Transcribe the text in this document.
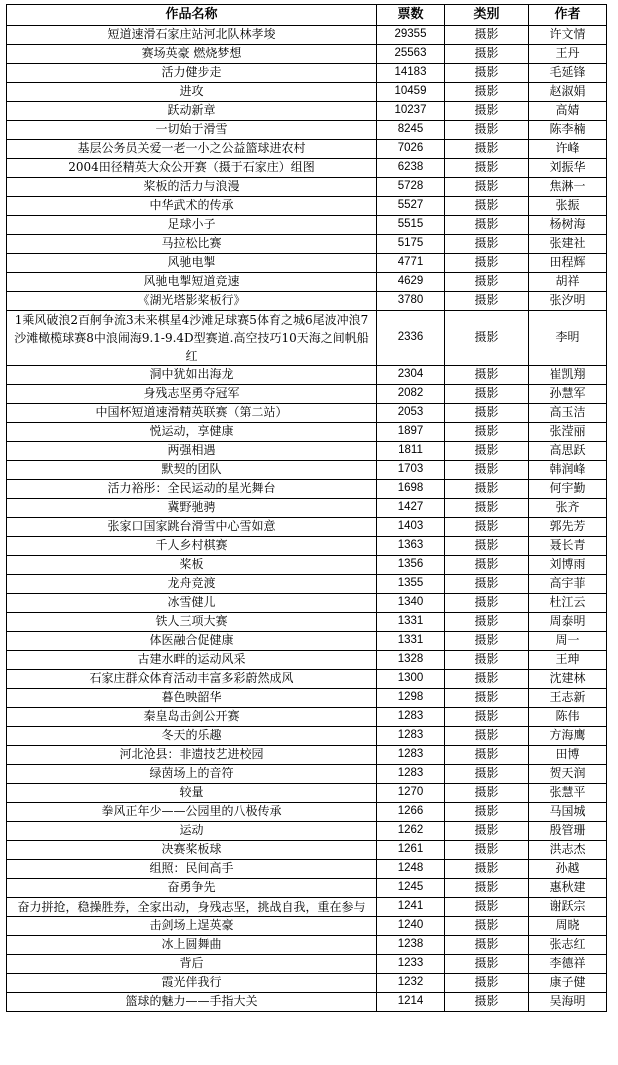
作品名称	票数	类别	作者
短道速滑石家庄站河北队林孝埈	29355	摄影	许文情
赛场英豪 燃烧梦想	25563	摄影	王丹
活力健步走	14183	摄影	毛延锋
进攻	10459	摄影	赵淑娟
跃动新章	10237	摄影	高婧
一切始于滑雪	8245	摄影	陈李楠
基层公务员关爱一老一小之公益篮球进农村	7026	摄影	许峰
2004田径精英大众公开赛（摄于石家庄）组图	6238	摄影	刘振华
桨板的活力与浪漫	5728	摄影	焦淋一
中华武术的传承	5527	摄影	张振
足球小子	5515	摄影	杨树海
马拉松比赛	5175	摄影	张建社
风驰电掣	4771	摄影	田程辉
风驰电掣短道竞速	4629	摄影	胡祥
《湖光塔影桨板行》	3780	摄影	张汐明
1乘风破浪2百舸争流3未来棋星4沙滩足球赛5体育之城6尾波冲浪7沙滩橄榄球赛8中浪闹海9.1-9.4D型赛道.高空技巧10天海之间帆船红	2336	摄影	李明
洞中犹如出海龙	2304	摄影	崔凯翔
身残志坚勇夺冠军	2082	摄影	孙慧军
中国杯短道速滑精英联赛（第二站）	2053	摄影	高玉洁
悦运动，享健康	1897	摄影	张滢丽
两强相遇	1811	摄影	高思跃
默契的团队	1703	摄影	韩润峰
活力裕彤：全民运动的星光舞台	1698	摄影	何宇勤
冀野驰骋	1427	摄影	张齐
张家口国家跳台滑雪中心雪如意	1403	摄影	郭先芳
千人乡村棋赛	1363	摄影	聂长青
桨板	1356	摄影	刘博雨
龙舟竞渡	1355	摄影	高宇菲
冰雪健儿	1340	摄影	杜江云
铁人三项大赛	1331	摄影	周泰明
体医融合促健康	1331	摄影	周一
古建水畔的运动风采	1328	摄影	王珅
石家庄群众体育活动丰富多彩蔚然成风	1300	摄影	沈建林
暮色映韶华	1298	摄影	王志新
秦皇岛击剑公开赛	1283	摄影	陈伟
冬天的乐趣	1283	摄影	方海鹰
河北沧县：非遗技艺进校园	1283	摄影	田博
绿茵场上的音符	1283	摄影	贺天润
较量	1270	摄影	张慧平
拳风正年少——公园里的八极传承	1266	摄影	马国城
运动	1262	摄影	殷管珊
决赛桨板球	1261	摄影	洪志杰
组照：民间高手	1248	摄影	孙越
奋勇争先	1245	摄影	惠秋建
奋力拼抢，稳操胜券，全家出动，身残志坚，挑战自我，重在参与	1241	摄影	谢跃宗
击剑场上逞英豪	1240	摄影	周晓
冰上圆舞曲	1238	摄影	张志红
背后	1233	摄影	李德祥
霞光伴我行	1232	摄影	康子健
篮球的魅力——手指大关	1214	摄影	吴海明
